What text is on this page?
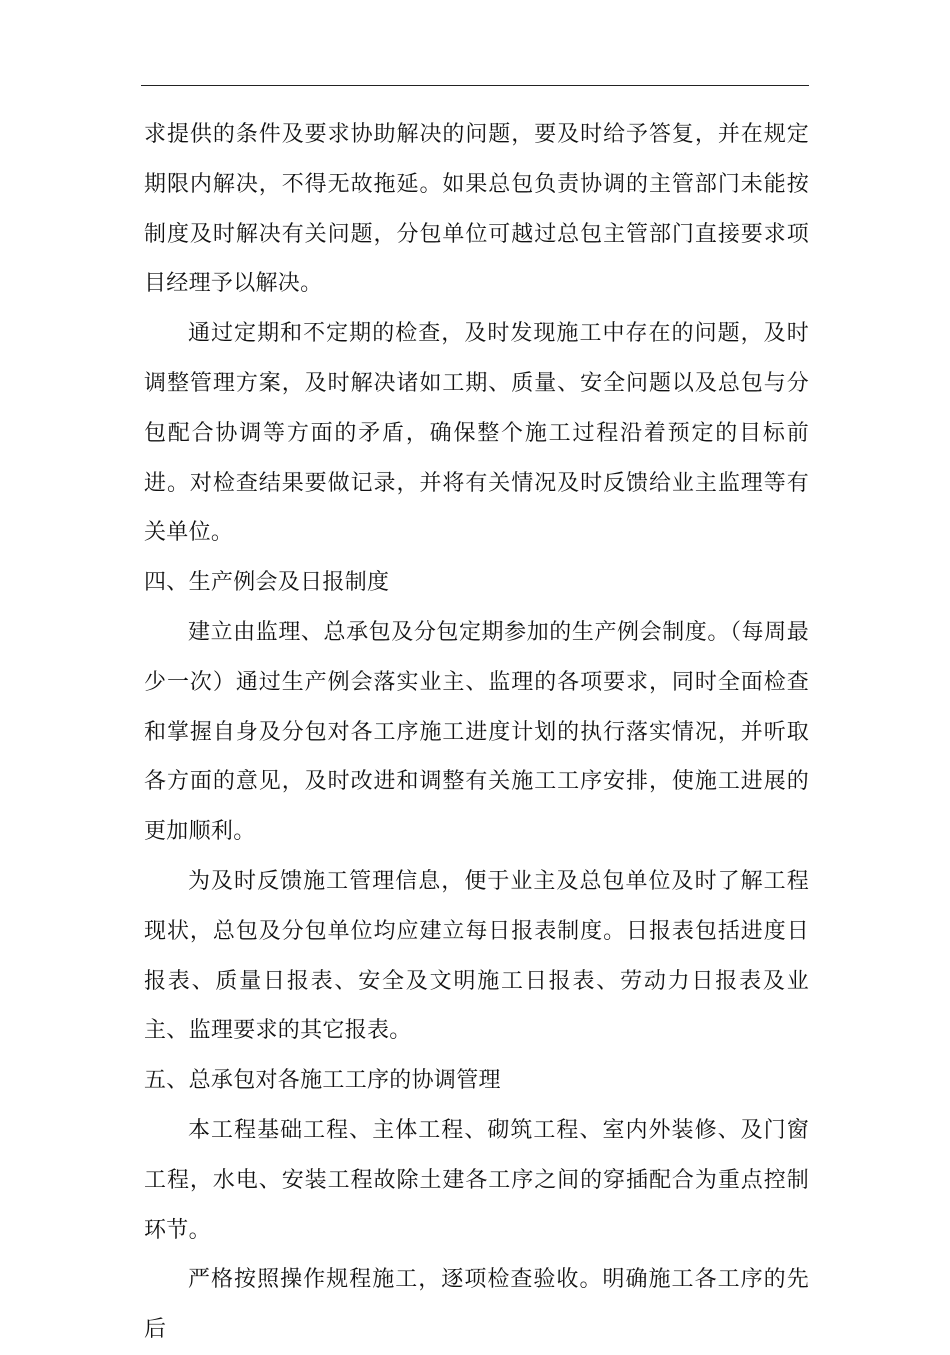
求提供的条件及要求协助解决的问题，要及时给予答复，并在规定期限内解决，不得无故拖延。如果总包负责协调的主管部门未能按制度及时解决有关问题，分包单位可越过总包主管部门直接要求项目经理予以解决。

通过定期和不定期的检查，及时发现施工中存在的问题，及时调整管理方案，及时解决诸如工期、质量、安全问题以及总包与分包配合协调等方面的矛盾，确保整个施工过程沿着预定的目标前进。对检查结果要做记录，并将有关情况及时反馈给业主监理等有关单位。

四、生产例会及日报制度

建立由监理、总承包及分包定期参加的生产例会制度。（每周最少一次）通过生产例会落实业主、监理的各项要求，同时全面检查和掌握自身及分包对各工序施工进度计划的执行落实情况，并听取各方面的意见，及时改进和调整有关施工工序安排，使施工进展的更加顺利。

为及时反馈施工管理信息，便于业主及总包单位及时了解工程现状，总包及分包单位均应建立每日报表制度。日报表包括进度日报表、质量日报表、安全及文明施工日报表、劳动力日报表及业主、监理要求的其它报表。

五、总承包对各施工工序的协调管理

本工程基础工程、主体工程、砌筑工程、室内外装修、及门窗工程，水电、安装工程故除土建各工序之间的穿插配合为重点控制环节。

严格按照操作规程施工，逐项检查验收。明确施工各工序的先后
